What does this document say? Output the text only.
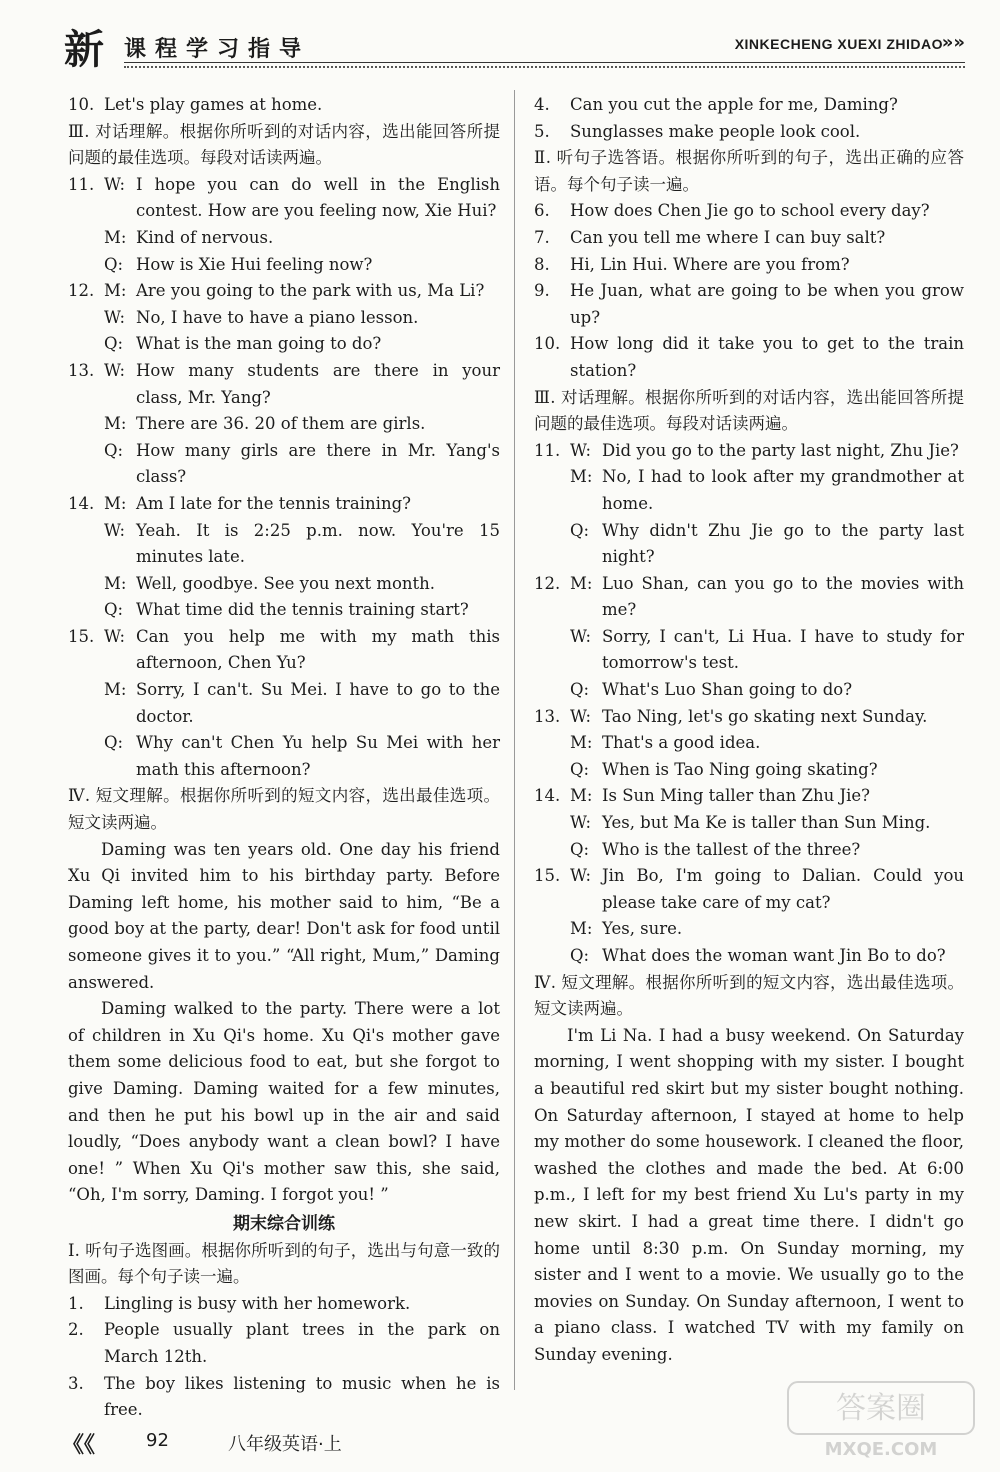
新 课程学习指导	XINKECHENG XUEXI ZHIDAO
»»
10. Let's play games at home.
Ⅲ. 对话理解。根据你所听到的对话内容，选出能回答所提问题的最佳选项。每段对话读两遍。
11. W: I hope you can do well in the English contest. How are you feeling now, Xie Hui?
M: Kind of nervous.
Q: How is Xie Hui feeling now?
12. M: Are you going to the park with us, Ma Li?
W: No, I have to have a piano lesson.
Q: What is the man going to do?
13. W: How many students are there in your class, Mr. Yang?
M: There are 36. 20 of them are girls.
Q: How many girls are there in Mr. Yang's class?
14. M: Am I late for the tennis training?
W: Yeah. It is 2:25 p.m. now. You're 15 minutes late.
M: Well, goodbye. See you next month.
Q: What time did the tennis training start?
15. W: Can you help me with my math this afternoon, Chen Yu?
M: Sorry, I can't. Su Mei. I have to go to the doctor.
Q: Why can't Chen Yu help Su Mei with her math this afternoon?
Ⅳ. 短文理解。根据你所听到的短文内容，选出最佳选项。短文读两遍。
Daming was ten years old. One day his friend Xu Qi invited him to his birthday party. Before Daming left home, his mother said to him, “Be a good boy at the party, dear! Don't ask for food until someone gives it to you.” “All right, Mum,” Daming answered.
Daming walked to the party. There were a lot of children in Xu Qi's home. Xu Qi's mother gave them some delicious food to eat, but she forgot to give Daming. Daming waited for a few minutes, and then he put his bowl up in the air and said loudly, “Does anybody want a clean bowl? I have one! ” When Xu Qi's mother saw this, she said, “Oh, I'm sorry, Daming. I forgot you! ”
期末综合训练
Ⅰ. 听句子选图画。根据你所听到的句子，选出与句意一致的图画。每个句子读一遍。
1.	Lingling is busy with her homework.
2.	People usually plant trees in the park on March 12th.
3.	The boy likes listening to music when he is free.
4.	Can you cut the apple for me, Daming?
5.	Sunglasses make people look cool.
Ⅱ. 听句子选答语。根据你所听到的句子，选出正确的应答语。每个句子读一遍。
6.	How does Chen Jie go to school every day?
7.	Can you tell me where I can buy salt?
8.	Hi, Lin Hui. Where are you from?
9.	He Juan, what are going to be when you grow up?
10. How long did it take you to get to the train station?
Ⅲ. 对话理解。根据你所听到的对话内容，选出能回答所提问题的最佳选项。每段对话读两遍。
11. W: Did you go to the party last night, Zhu Jie?
M: No, I had to look after my grandmother at home.
Q: Why didn't Zhu Jie go to the party last night?
12. M: Luo Shan, can you go to the movies with me?
W: Sorry, I can't, Li Hua. I have to study for tomorrow's test.
Q: What's Luo Shan going to do?
13. W: Tao Ning, let's go skating next Sunday.
M: That's a good idea.
Q: When is Tao Ning going skating?
14. M: Is Sun Ming taller than Zhu Jie?
W: Yes, but Ma Ke is taller than Sun Ming.
Q: Who is the tallest of the three?
15. W: Jin Bo, I'm going to Dalian. Could you please take care of my cat?
M: Yes, sure.
Q: What does the woman want Jin Bo to do?
Ⅳ. 短文理解。根据你所听到的短文内容，选出最佳选项。短文读两遍。
I'm Li Na. I had a busy weekend. On Saturday morning, I went shopping with my sister. I bought a beautiful red skirt but my sister bought nothing. On Saturday afternoon, I stayed at home to help my mother do some housework. I cleaned the floor, washed the clothes and made the bed. At 6:00 p.m., I left for my best friend Xu Lu's party in my new skirt. I had a great time there. I didn't go home until 8:30 p.m. On Sunday morning, my sister and I went to a movie. We usually go to the movies on Sunday. On Sunday afternoon, I went to a piano class. I watched TV with my family on Sunday evening.
《《	92	八年级英语·上
答案圈
MXQE.COM
